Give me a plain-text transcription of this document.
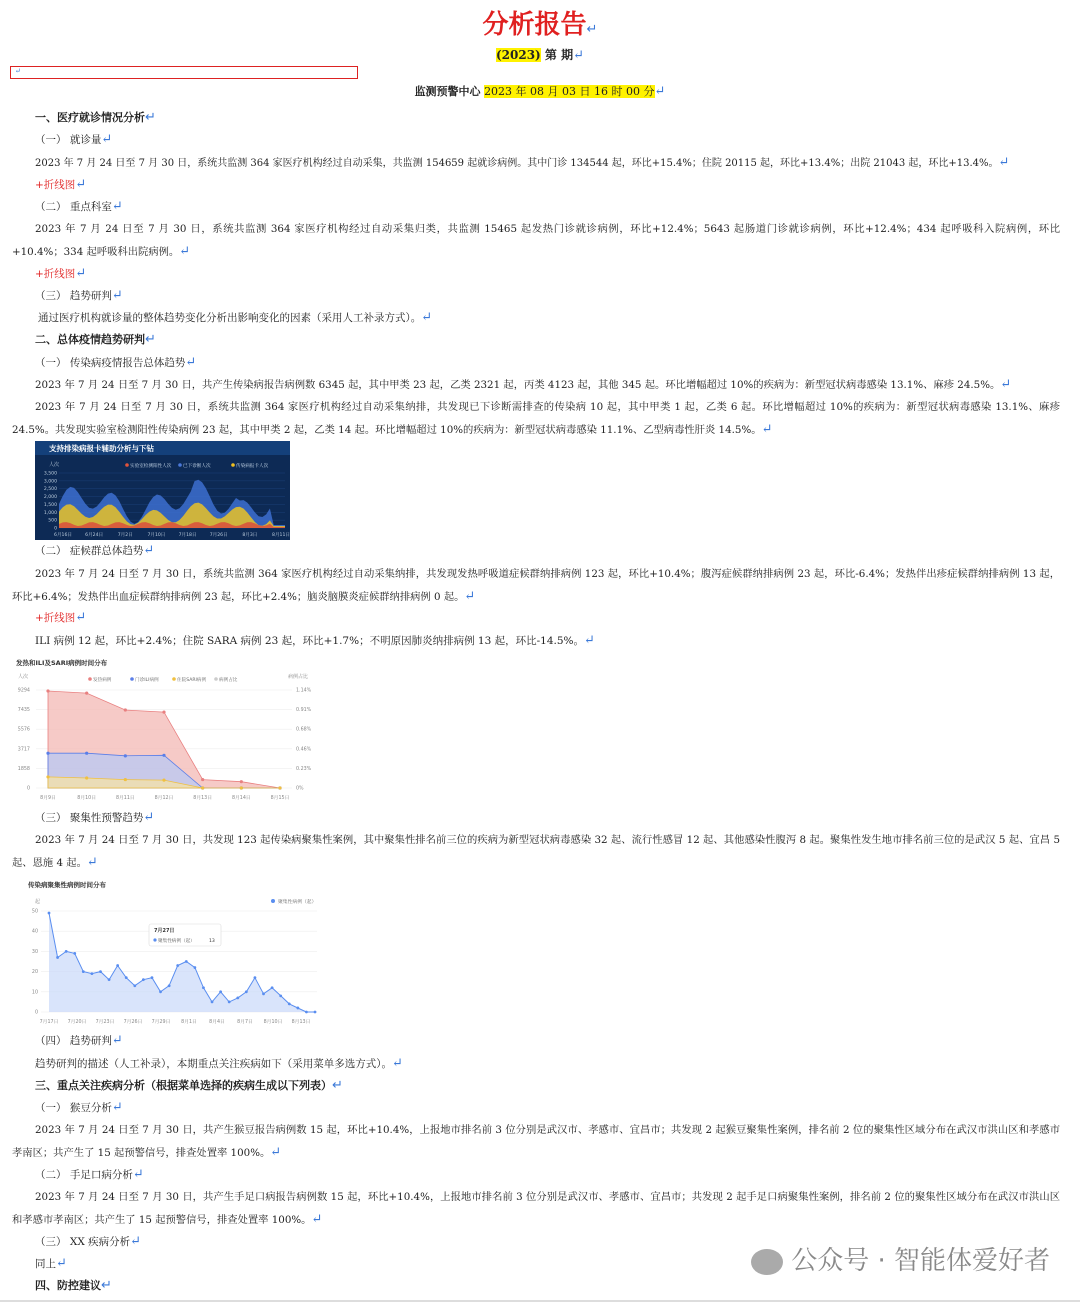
分析报告↵
(2023) 第 期↵
↵
监测预警中心 2023 年 08 月 03 日 16 时 00 分↵
一、医疗就诊情况分析↵
（一） 就诊量↵
2023 年 7 月 24 日至 7 月 30 日，系统共监测 364 家医疗机构经过自动采集，共监测 154659 起就诊病例。其中门诊 134544 起，环比+15.4%；住院 20115 起，环比+13.4%；出院 21043 起，环比+13.4%。↵
+折线图↵
（二） 重点科室↵
2023 年 7 月 24 日至 7 月 30 日，系统共监测 364 家医疗机构经过自动采集归类，共监测 15465 起发热门诊就诊病例，环比+12.4%；5643 起肠道门诊就诊病例，环比+12.4%；434 起呼吸科入院病例，环比+10.4%；334 起呼吸科出院病例。↵
+折线图↵
（三） 趋势研判↵
通过医疗机构就诊量的整体趋势变化分析出影响变化的因素（采用人工补录方式）。↵
二、总体疫情趋势研判↵
（一） 传染病疫情报告总体趋势↵
2023 年 7 月 24 日至 7 月 30 日，共产生传染病报告病例数 6345 起，其中甲类 23 起，乙类 2321 起，丙类 4123 起，其他 345 起。环比增幅超过 10%的疾病为：新型冠状病毒感染 13.1%、麻疹 24.5%。↵
2023 年 7 月 24 日至 7 月 30 日，系统共监测 364 家医疗机构经过自动采集纳排，共发现已下诊断需排查的传染病 10 起，其中甲类 1 起，乙类 6 起。环比增幅超过 10%的疾病为：新型冠状病毒感染 13.1%、麻疹 24.5%。共发现实验室检测阳性传染病例 23 起，其中甲类 2 起，乙类 14 起。环比增幅超过 10%的疾病为：新型冠状病毒感染 11.1%、乙型病毒性肝炎 14.5%。↵
支持排染病报卡辅助分析与下钻
人次	实验室检测阳性人次	已下诊断人次	传染病报卡人次
3,500
3,000
2,500
2,000
1,500
1,000
500
0
6月16日	6月24日	7月2日	7月10日	7月18日	7月26日	8月3日	8月11日
（二） 症候群总体趋势↵
2023 年 7 月 24 日至 7 月 30 日，系统共监测 364 家医疗机构经过自动采集纳排，共发现发热呼吸道症候群纳排病例 123 起，环比+10.4%；腹泻症候群纳排病例 23 起，环比-6.4%；发热伴出疹症候群纳排病例 13 起，环比+6.4%；发热伴出血症候群纳排病例 23 起，环比+2.4%；脑炎脑膜炎症候群纳排病例 0 起。↵
+折线图↵
ILI 病例 12 起，环比+2.4%；住院 SARA 病例 23 起，环比+1.7%；不明原因肺炎纳排病例 13 起，环比-14.5%。↵
发热和ILI及SARI病例时间分布
人次	病例占比
发热病例	门诊ILI病例	住院SARI病例	病例占比
9294	1.14%
7435	0.91%
5576	0.68%
3717	0.46%
1858	0.23%
0	0%
8月9日	8月10日	8月11日	8月12日	8月13日	8月14日	8月15日
（三） 聚集性预警趋势↵
2023 年 7 月 24 日至 7 月 30 日，共发现 123 起传染病聚集性案例，其中聚集性排名前三位的疾病为新型冠状病毒感染 32 起、流行性感冒 12 起、其他感染性腹泻 8 起。聚集性发生地市排名前三位的是武汉 5 起、宜昌 5 起、恩施 4 起。↵
传染病聚集性病例时间分布
起	聚集性病例（起）
50
40
30
20
10
0
7月17日 7月20日 7月23日 7月26日 7月29日 8月1日	8月4日	8月7日 8月10日 8月13日
7月27日
聚集性病例（起）	13
（四） 趋势研判↵
趋势研判的描述（人工补录），本期重点关注疾病如下（采用菜单多选方式）。↵
三、重点关注疾病分析（根据菜单选择的疾病生成以下列表）↵
（一） 猴豆分析↵
2023 年 7 月 24 日至 7 月 30 日，共产生猴豆报告病例数 15 起，环比+10.4%，上报地市排名前 3 位分别是武汉市、孝感市、宜昌市；共发现 2 起猴豆聚集性案例，排名前 2 位的聚集性区域分布在武汉市洪山区和孝感市孝南区；共产生了 15 起预警信号，排查处置率 100%。↵
（二） 手足口病分析↵
2023 年 7 月 24 日至 7 月 30 日，共产生手足口病报告病例数 15 起，环比+10.4%，上报地市排名前 3 位分别是武汉市、孝感市、宜昌市；共发现 2 起手足口病聚集性案例，排名前 2 位的聚集性区域分布在武汉市洪山区和孝感市孝南区；共产生了 15 起预警信号，排查处置率 100%。↵
（三） XX 疾病分析↵
同上↵
四、防控建议↵
公众号 · 智能体爱好者
